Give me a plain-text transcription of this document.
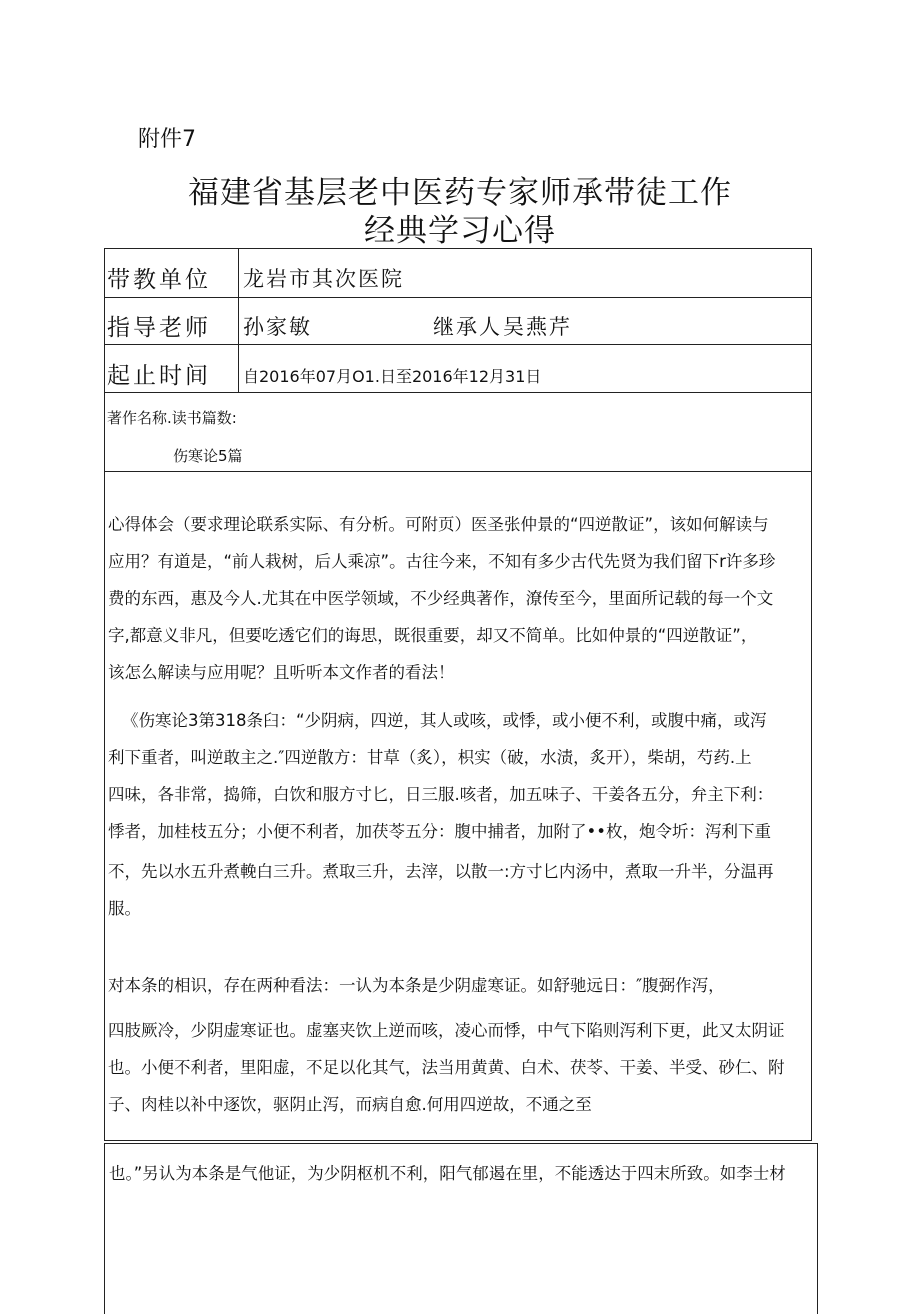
附件7
福建省基层老中医药专家师承带徒工作
经典学习心得
带教单位 龙岩市其次医院
指导老师 孙家敏	继承人 吴燕芹
起止时间 自2016年07月O1.日至2016年12月31日
著作名称.读书篇数:
伤寒论5篇

心得体会（要求理论联系实际、有分析。可附页）医圣张仲景的“四逆散证”，该如何解读与

应用？有道是，“前人栽树，后人乘凉”。古往今来，不知有多少古代先贤为我们留下r许多珍

费的东西，惠及今人.尤其在中医学领域，不少经典著作，潦传至今，里面所记载的每一个文

字,都意义非凡，但要吃透它们的诲思，既很重要，却又不简单。比如仲景的“四逆散证”，

该怎么解读与应用呢？且听听本文作者的看法！

《伤寒论3第318条臼：“少阴病，四逆，其人或咳，或悸，或小便不利，或腹中痛，或泻

利下重者，叫逆敢主之.″四逆散方：甘草（炙），枳实（破，水渍，炙开），柴胡，芍药.上

四味，各非常，捣筛，白饮和服方寸匕，日三服.咳者，加五味子、干姜各五分，弁主下利：

悸者，加桂枝五分；小便不利者，加茯苓五分：腹中捕者，加附了••枚，炮令圻：泻利下重

不，先以水五升煮輓白三升。煮取三升，去滓，以散一:方寸匕内汤中，煮取一升半，分温再

服。

对本条的相识，存在两种看法：一认为本条是少阴虚寒证。如舒驰远日：″腹弼作泻，

四肢厥冷，少阴虚寒证也。虚塞夹饮上逆而咳，凌心而悸，中气下陷则泻利下更，此又太阴证

也。小便不利者，里阳虚，不足以化其气，法当用黄黄、白术、茯苓、干姜、半受、砂仁、附

子、肉桂以补中逐饮，驱阴止泻，而病自愈.何用四逆故，不通之至

也。”另认为本条是气他证，为少阴枢机不利，阳气郁遏在里，不能透达于四末所致。如李士材
